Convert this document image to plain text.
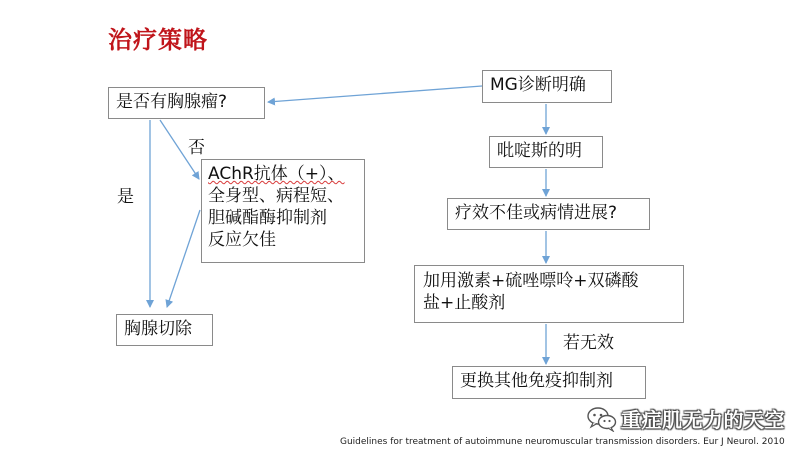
治疗策略
是否有胸腺瘤?
否
是
AChR抗体（+）、
全身型、病程短、
胆碱酯酶抑制剂
反应欠佳
胸腺切除
MG诊断明确
吡啶斯的明
疗效不佳或病情进展?
加用激素+硫唑嘌呤+双磷酸
盐+止酸剂
若无效
更换其他免疫抑制剂
重症肌无力的天空
Guidelines for treatment of autoimmune neuromuscular transmission disorders. Eur J Neurol. 2010
